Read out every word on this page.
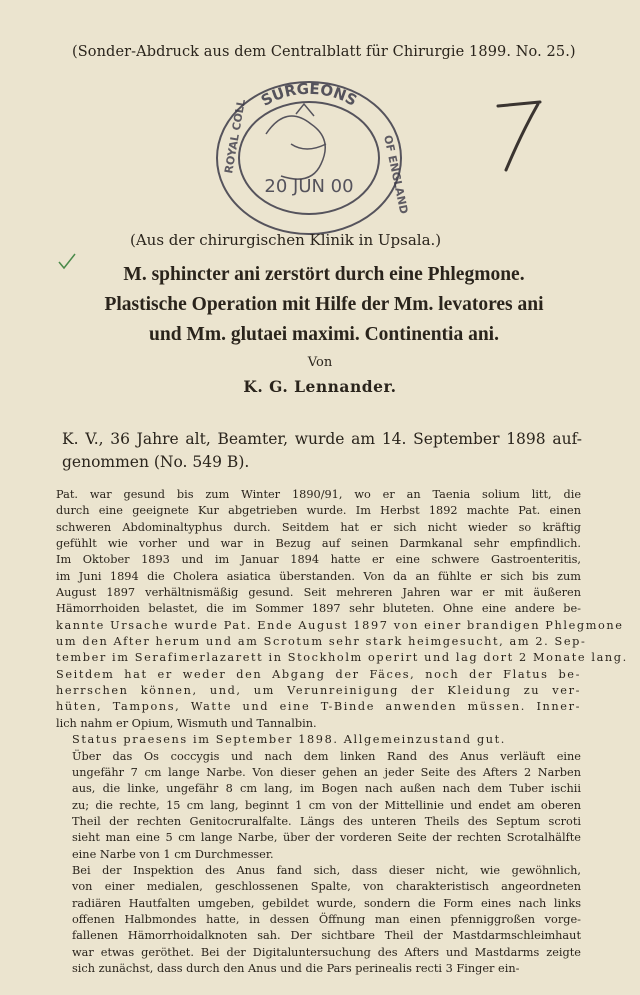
(Sonder-Abdruck aus dem Centralblatt für Chirurgie 1899. No. 25.)
SURGEONS
ROYAL COLL	OF ENGLAND
20 JUN 00
7
(Aus der chirurgischen Klinik in Upsala.)
M. sphincter ani zerstört durch eine Phlegmone.
Plastische Operation mit Hilfe der Mm. levatores ani
und Mm. glutaei maximi. Continentia ani.
Von
K. G. Lennander.
K. V., 36 Jahre alt, Beamter, wurde am 14. September 1898 auf-
genommen (No. 549 B).

Pat. war gesund bis zum Winter 1890/91, wo er an Taenia solium litt, die
durch eine geeignete Kur abgetrieben wurde. Im Herbst 1892 machte Pat. einen
schweren Abdominaltyphus durch. Seitdem hat er sich nicht wieder so kräftig
gefühlt wie vorher und war in Bezug auf seinen Darmkanal sehr empfindlich.
Im Oktober 1893 und im Januar 1894 hatte er eine schwere Gastroenteritis,
im Juni 1894 die Cholera asiatica überstanden. Von da an fühlte er sich bis zum
August 1897 verhältnismäßig gesund. Seit mehreren Jahren war er mit äußeren
Hämorrhoiden belastet, die im Sommer 1897 sehr bluteten. Ohne eine andere be-
kannte Ursache wurde Pat. Ende August 1897 von einer brandigen Phlegmone
um den After herum und am Scrotum sehr stark heimgesucht, am 2. Sep-
tember im Serafimerlazarett in Stockholm operirt und lag dort 2 Monate lang.
Seitdem hat er weder den Abgang der Fäces, noch der Flatus be-
herrschen können, und, um Verunreinigung der Kleidung zu ver-
hüten, Tampons, Watte und eine T-Binde anwenden müssen. Inner-
lich nahm er Opium, Wismuth und Tannalbin.

Status praesens im September 1898. Allgemeinzustand gut.

Über das Os coccygis und nach dem linken Rand des Anus verläuft eine
ungefähr 7 cm lange Narbe. Von dieser gehen an jeder Seite des Afters 2 Narben
aus, die linke, ungefähr 8 cm lang, im Bogen nach außen nach dem Tuber ischii
zu; die rechte, 15 cm lang, beginnt 1 cm von der Mittellinie und endet am oberen
Theil der rechten Genitocruralfalte. Längs des unteren Theils des Septum scroti
sieht man eine 5 cm lange Narbe, über der vorderen Seite der rechten Scrotalhälfte
eine Narbe von 1 cm Durchmesser.

Bei der Inspektion des Anus fand sich, dass dieser nicht, wie gewöhnlich,
von einer medialen, geschlossenen Spalte, von charakteristisch angeordneten
radiären Hautfalten umgeben, gebildet wurde, sondern die Form eines nach links
offenen Halbmondes hatte, in dessen Öffnung man einen pfenniggroßen vorge-
fallenen Hämorrhoidalknoten sah. Der sichtbare Theil der Mastdarmschleimhaut
war etwas geröthet. Bei der Digitaluntersuchung des Afters und Mastdarms zeigte
sich zunächst, dass durch den Anus und die Pars perinealis recti 3 Finger ein-
